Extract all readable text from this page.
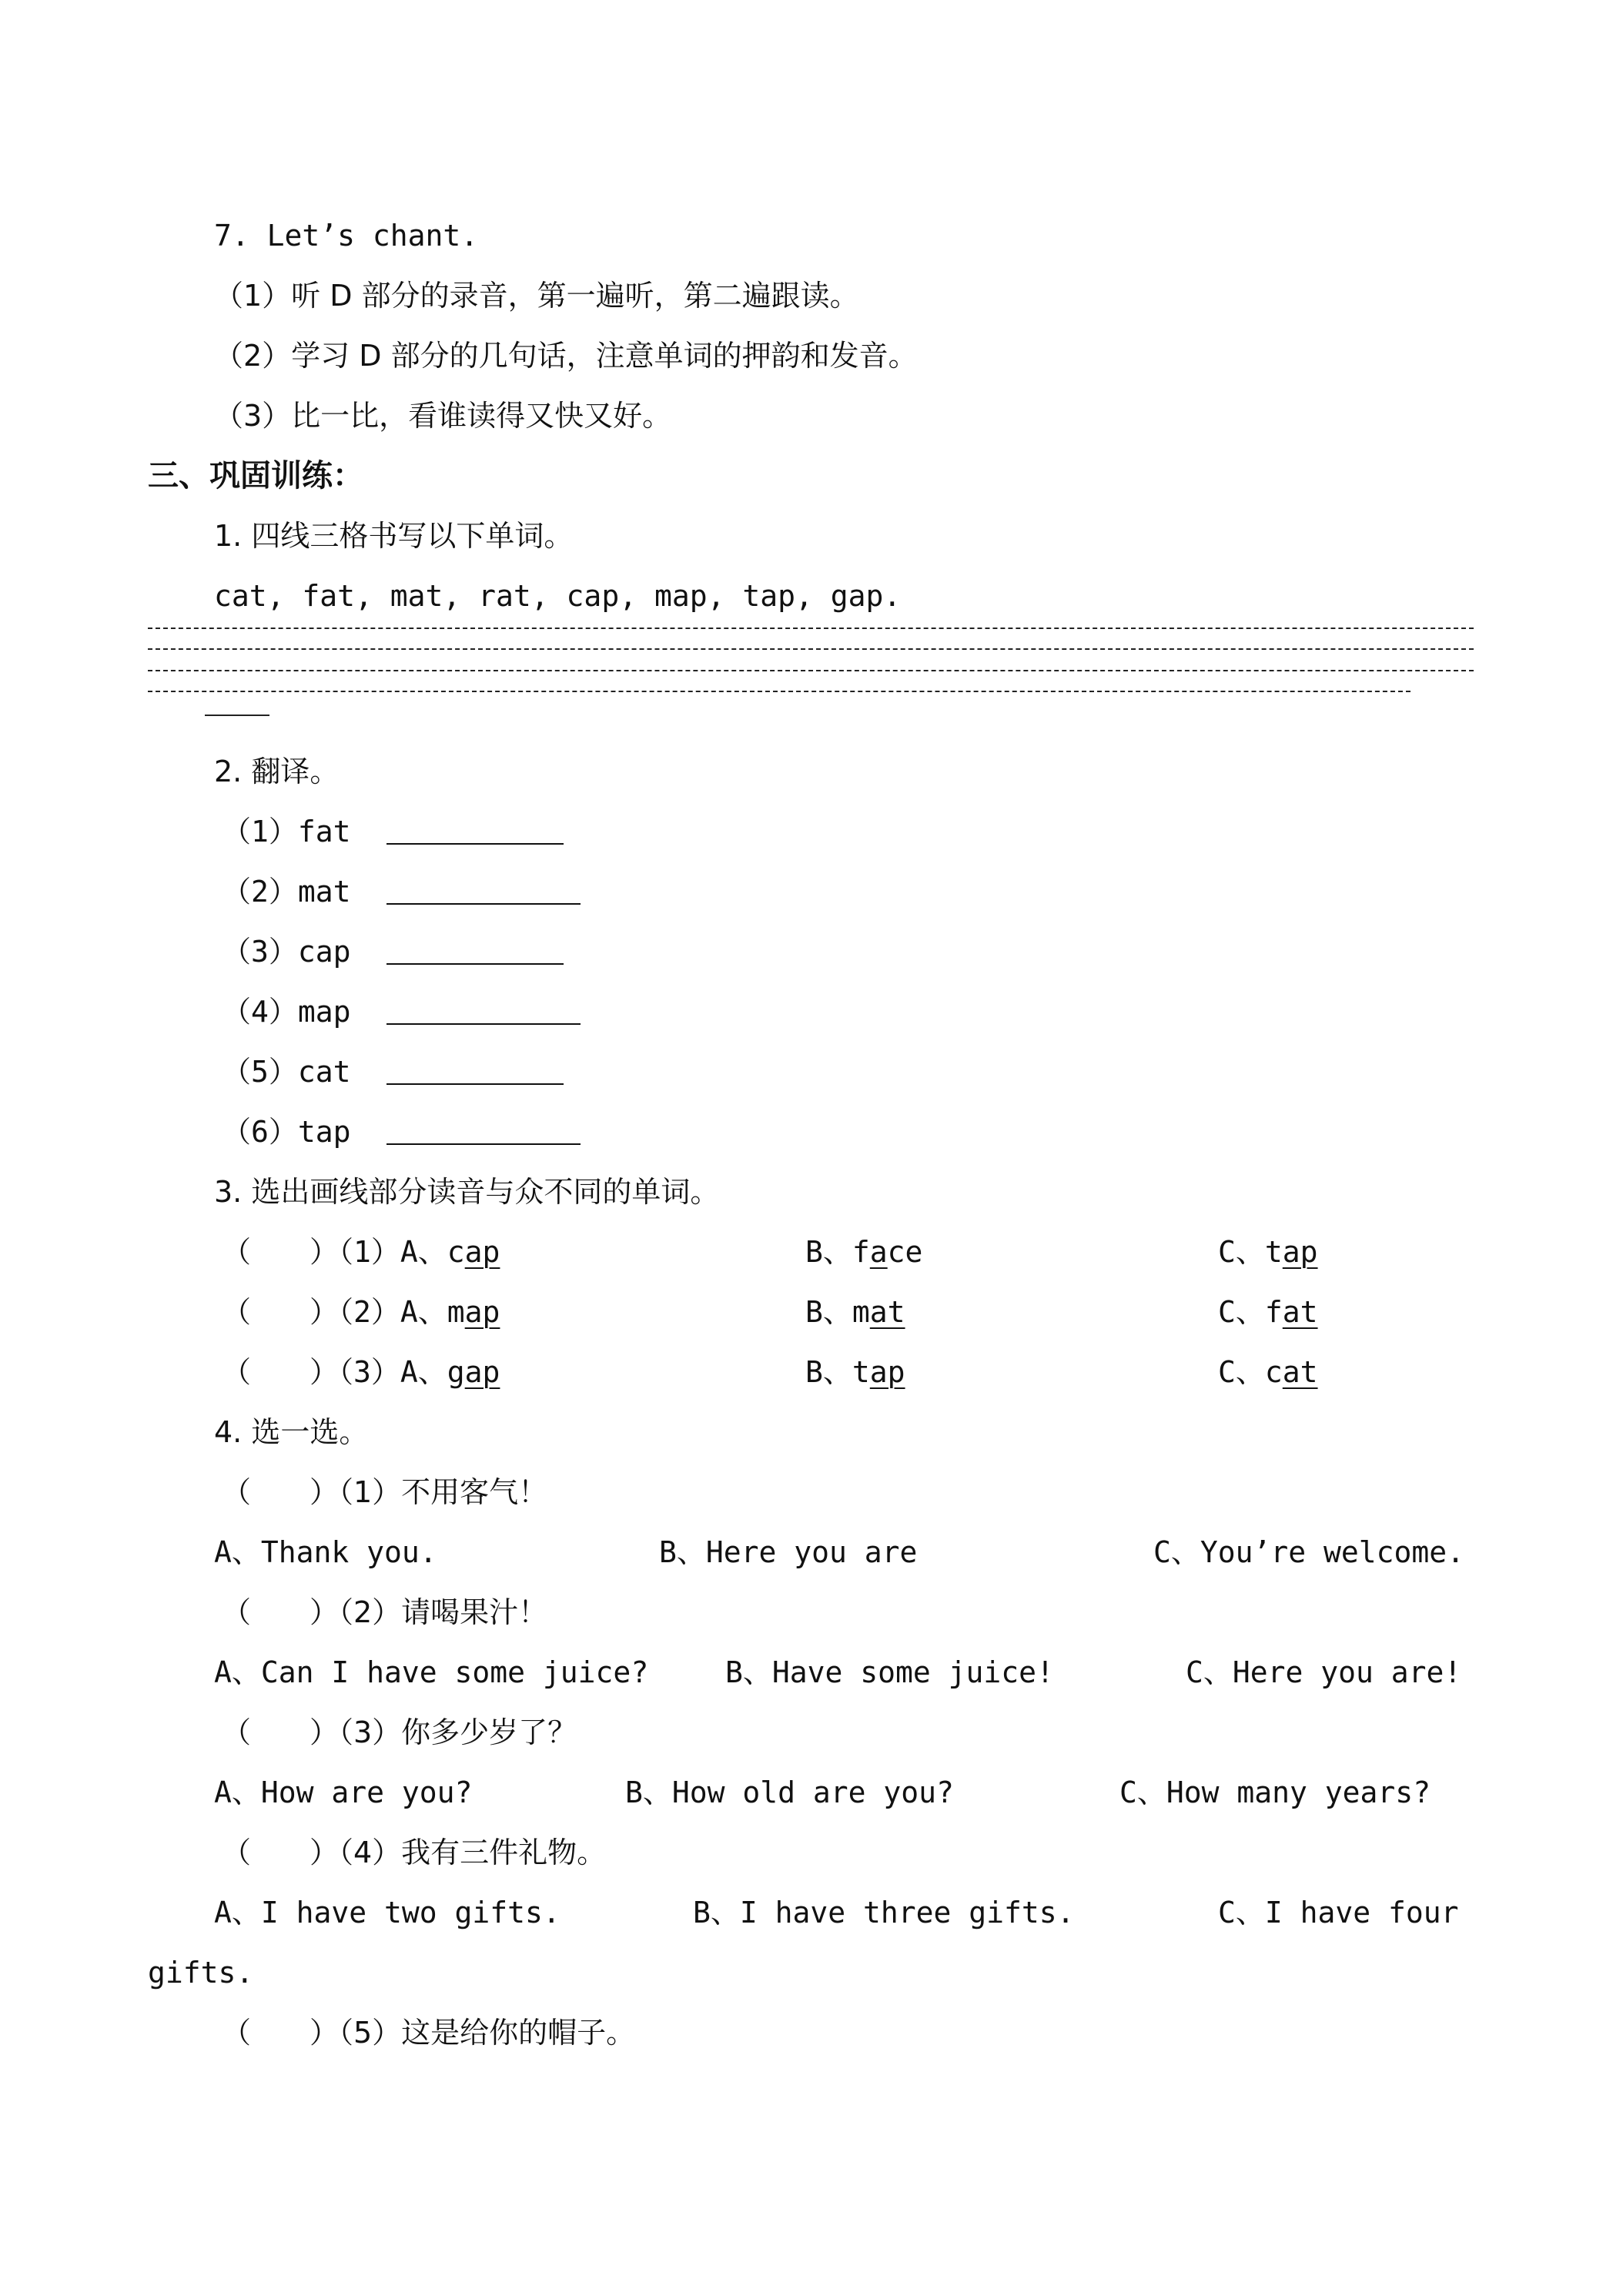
7. Let’s chant.
（1）听 D 部分的录音，第一遍听，第二遍跟读。
（2）学习 D 部分的几句话，注意单词的押韵和发音。
（3）比一比，看谁读得又快又好。
三、巩固训练：
1. 四线三格书写以下单词。
cat, fat, mat, rat, cap, map, tap, gap.
2. 翻译。
（1）fat
（2）mat
（3）cap
（4）map
（5）cat
（6）tap
3. 选出画线部分读音与众不同的单词。
（　　）（1）A、cap	B、face	C、tap
（　　）（2）A、map	B、mat	C、fat
（　　）（3）A、gap	B、tap	C、cat
4. 选一选。
（　　）（1）不用客气！
A、Thank you.	B、Here you are	C、You’re welcome.
（　　）（2）请喝果汁！
A、Can I have some juice?	B、Have some juice!	C、Here you are!
（　　）（3）你多少岁了？
A、How are you?	B、How old are you?	C、How many years?
（　　）（4）我有三件礼物。
A、I have two gifts.	B、I have three gifts.	C、I have four
gifts.
（　　）（5）这是给你的帽子。
